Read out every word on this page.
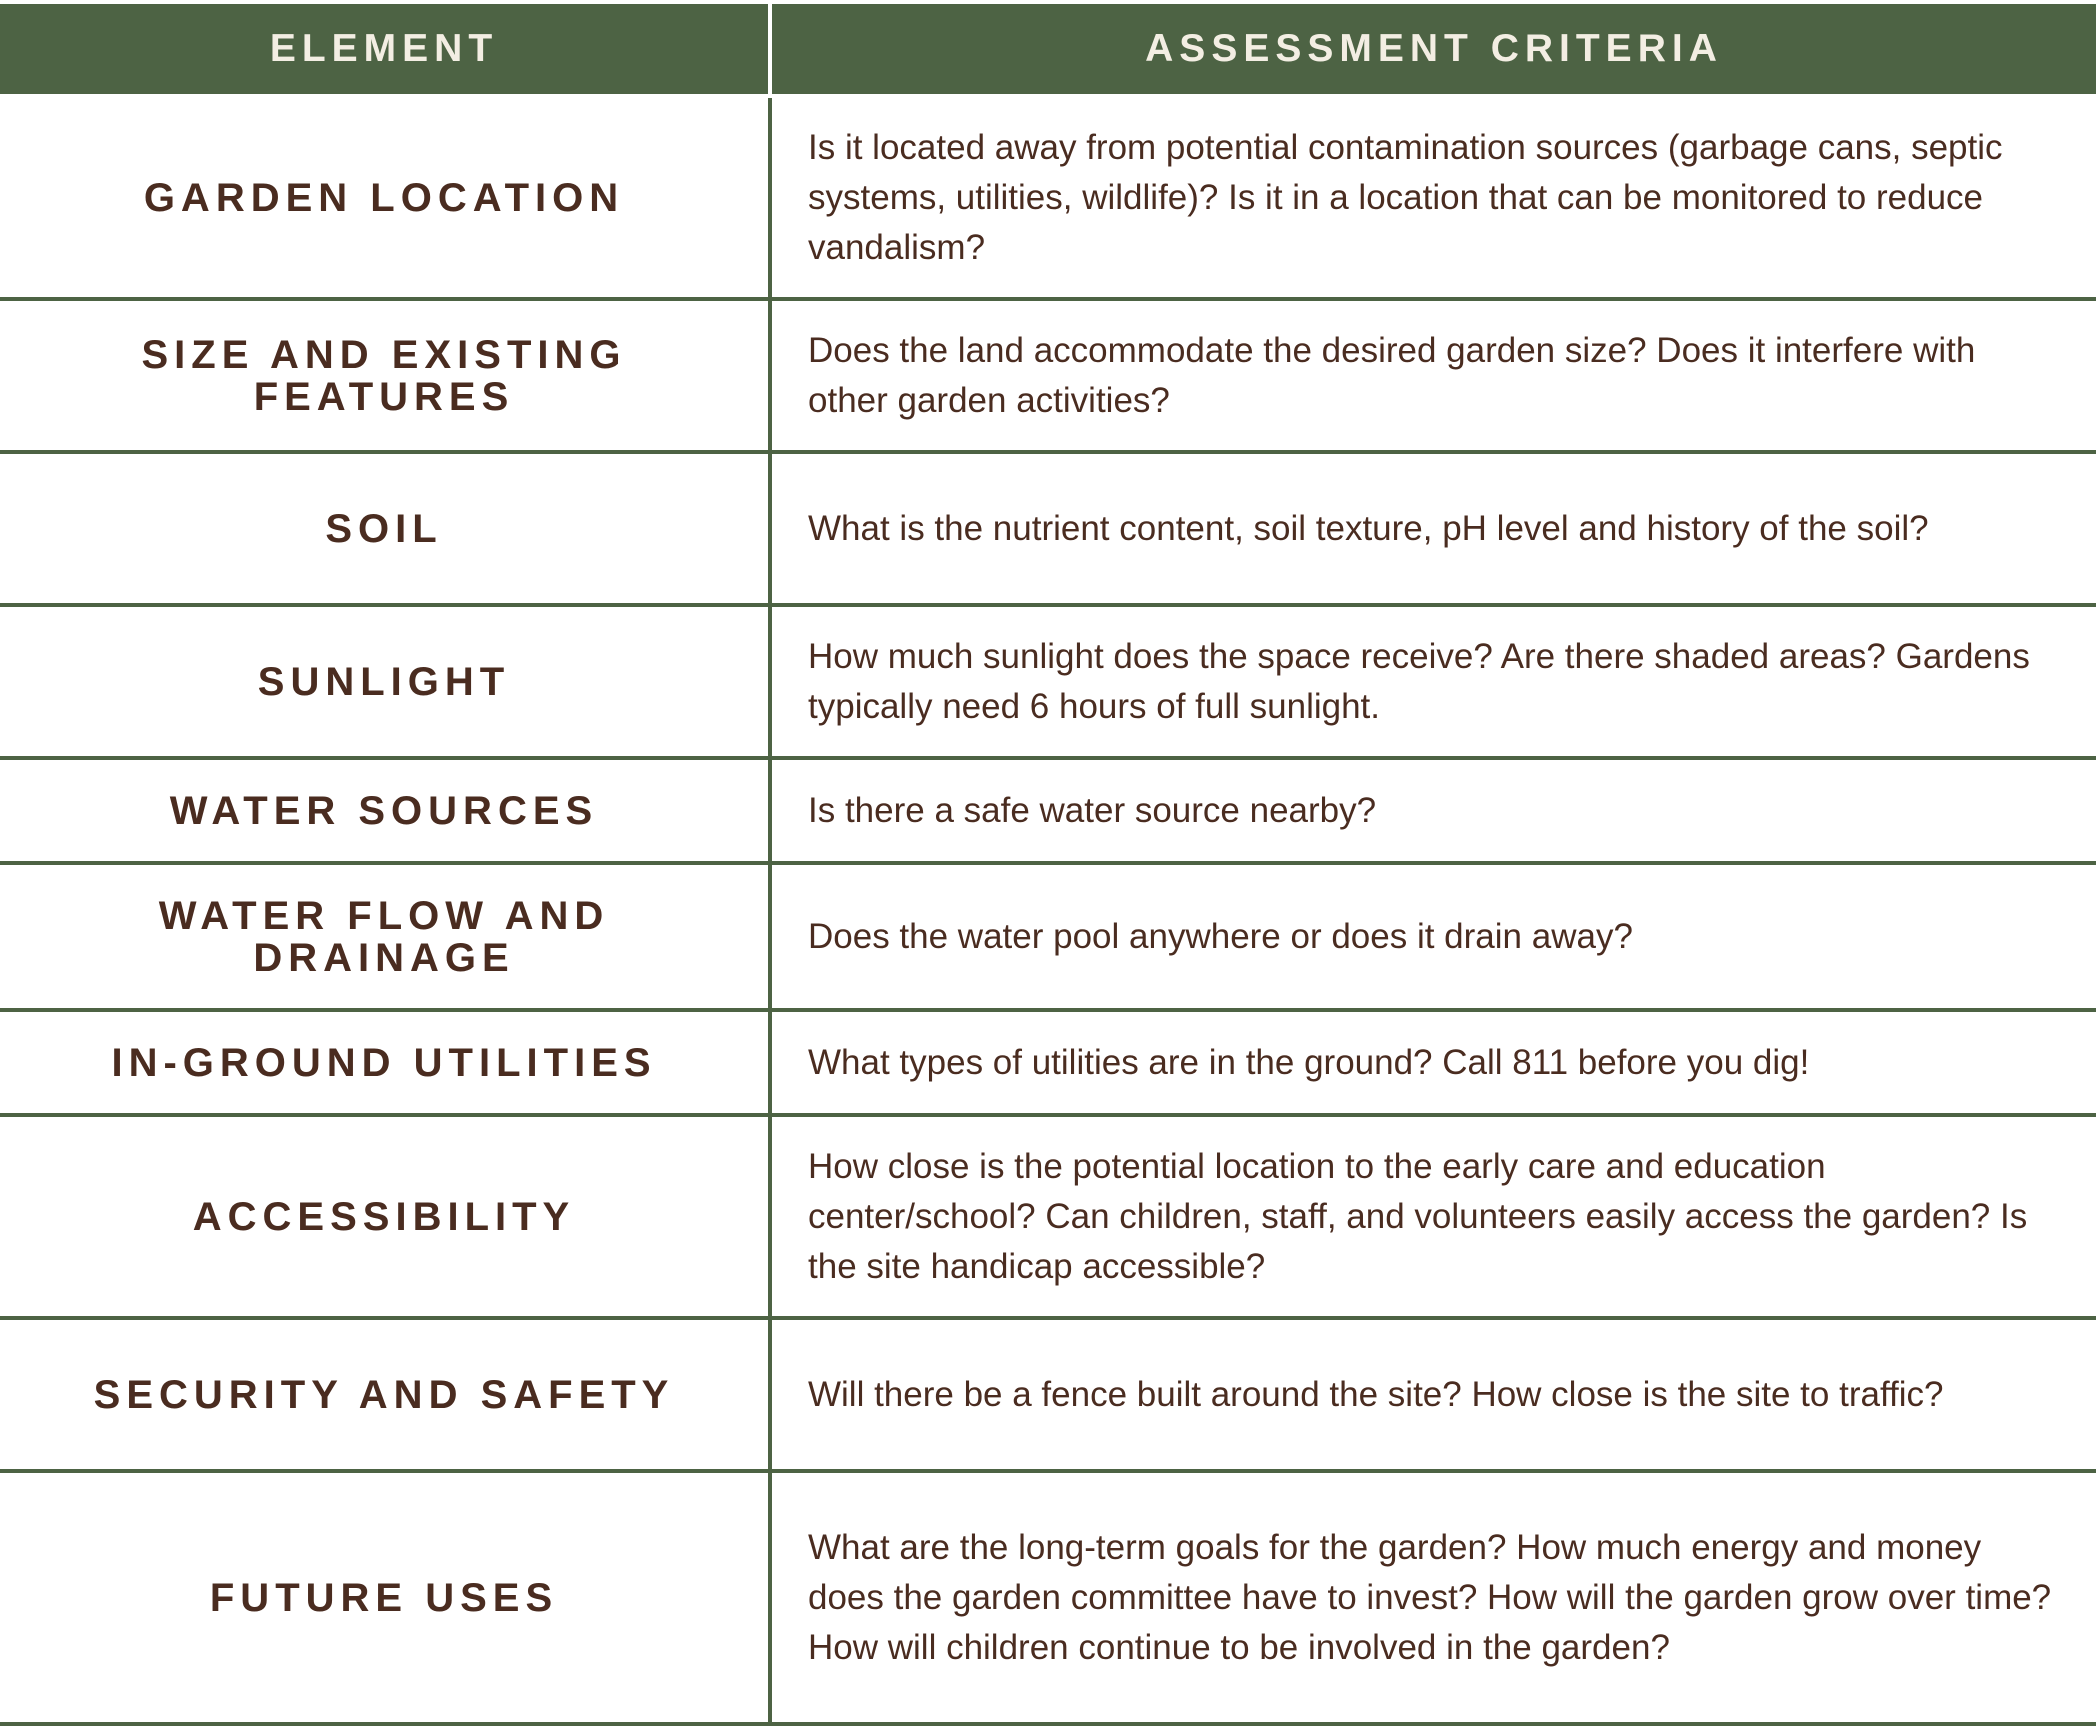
ELEMENT	ASSESSMENT CRITERIA
GARDEN LOCATION	Is it located away from potential contamination sources (garbage cans, septic systems, utilities, wildlife)? Is it in a location that can be monitored to reduce vandalism?
SIZE AND EXISTING FEATURES	Does the land accommodate the desired garden size? Does it interfere with other garden activities?
SOIL	What is the nutrient content, soil texture, pH level and history of the soil?
SUNLIGHT	How much sunlight does the space receive? Are there shaded areas? Gardens typically need 6 hours of full sunlight.
WATER SOURCES	Is there a safe water source nearby?
WATER FLOW AND DRAINAGE	Does the water pool anywhere or does it drain away?
IN-GROUND UTILITIES	What types of utilities are in the ground? Call 811 before you dig!
ACCESSIBILITY	How close is the potential location to the early care and education center/school? Can children, staff, and volunteers easily access the garden? Is the site handicap accessible?
SECURITY AND SAFETY	Will there be a fence built around the site? How close is the site to traffic?
FUTURE USES	What are the long-term goals for the garden? How much energy and money does the garden committee have to invest? How will the garden grow over time? How will children continue to be involved in the garden?
